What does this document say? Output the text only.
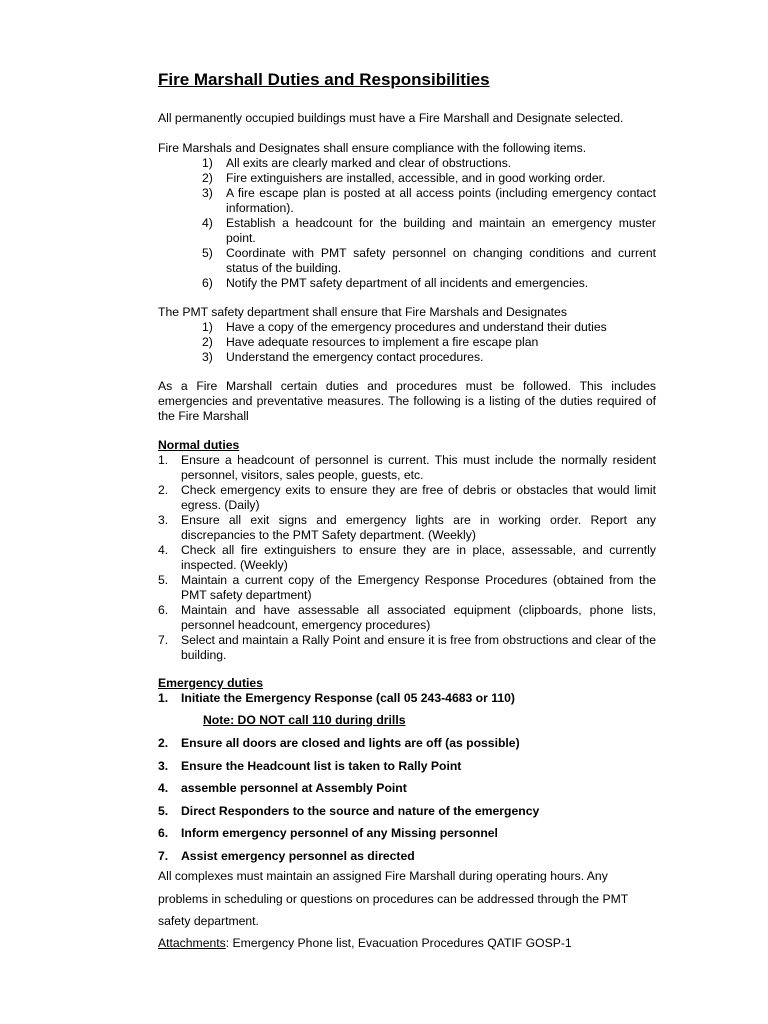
Fire Marshall Duties and Responsibilities
All permanently occupied buildings must have a Fire Marshall and Designate selected.
Fire Marshals and Designates shall ensure compliance with the following items.
1) All exits are clearly marked and clear of obstructions.
2) Fire extinguishers are installed, accessible, and in good working order.
3) A fire escape plan is posted at all access points (including emergency contact information).
4) Establish a headcount for the building and maintain an emergency muster point.
5) Coordinate with PMT safety personnel on changing conditions and current status of the building.
6) Notify the PMT safety department of all incidents and emergencies.
The PMT safety department shall ensure that Fire Marshals and Designates
1) Have a copy of the emergency procedures and understand their duties
2) Have adequate resources to implement a fire escape plan
3) Understand the emergency contact procedures.
As a Fire Marshall certain duties and procedures must be followed. This includes emergencies and preventative measures. The following is a listing of the duties required of the Fire Marshall
Normal duties
1. Ensure a headcount of personnel is current. This must include the normally resident personnel, visitors, sales people, guests, etc.
2. Check emergency exits to ensure they are free of debris or obstacles that would limit egress. (Daily)
3. Ensure all exit signs and emergency lights are in working order. Report any discrepancies to the PMT Safety department. (Weekly)
4. Check all fire extinguishers to ensure they are in place, assessable, and currently inspected. (Weekly)
5. Maintain a current copy of the Emergency Response Procedures (obtained from the PMT safety department)
6. Maintain and have assessable all associated equipment (clipboards, phone lists, personnel headcount, emergency procedures)
7. Select and maintain a Rally Point and ensure it is free from obstructions and clear of the building.
Emergency duties
1. Initiate the Emergency Response (call 05 243-4683 or 110)
Note: DO NOT call 110 during drills
2. Ensure all doors are closed and lights are off (as possible)
3. Ensure the Headcount list is taken to Rally Point
4. assemble personnel at Assembly Point
5. Direct Responders to the source and nature of the emergency
6. Inform emergency personnel of any Missing personnel
7. Assist emergency personnel as directed
All complexes must maintain an assigned Fire Marshall during operating hours. Any problems in scheduling or questions on procedures can be addressed through the PMT safety department.
Attachments: Emergency Phone list, Evacuation Procedures QATIF GOSP-1
